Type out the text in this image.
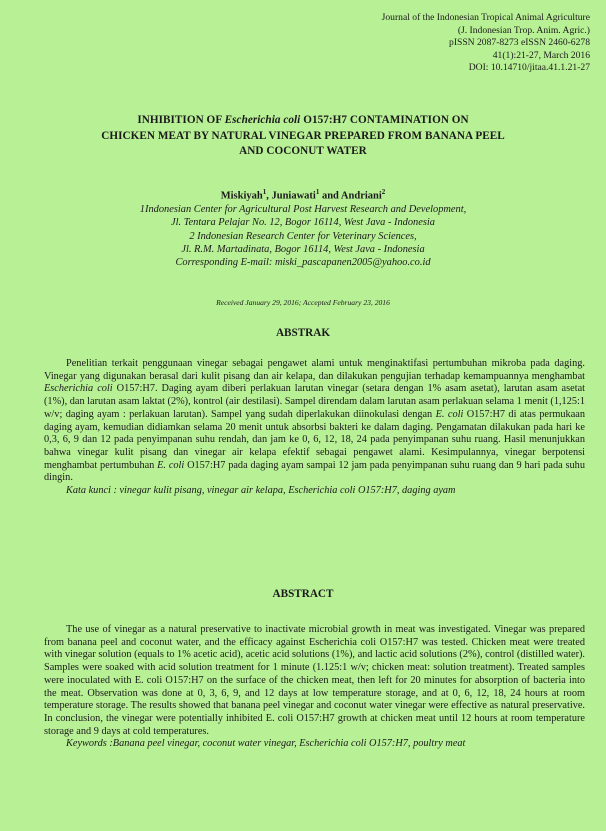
Journal of the Indonesian Tropical Animal Agriculture
(J. Indonesian Trop. Anim. Agric.)
pISSN 2087-8273 eISSN 2460-6278
41(1):21-27, March 2016
DOI: 10.14710/jitaa.41.1.21-27
INHIBITION OF Escherichia coli O157:H7 CONTAMINATION ON
CHICKEN MEAT BY NATURAL VINEGAR PREPARED FROM BANANA PEEL
AND COCONUT WATER
Miskiyah$^1$, Juniawati$^1$ and Andriani$^2$
1Indonesian Center for Agricultural Post Harvest Research and Development,
Jl. Tentara Pelajar No. 12, Bogor 16114, West Java - Indonesia
2 Indonesian Research Center for Veterinary Sciences,
Jl. R.M. Martadinata, Bogor 16114, West Java - Indonesia
Corresponding E-mail: miski_pascapanen2005@yahoo.co.id
Received January 29, 2016; Accepted February 23, 2016
ABSTRAK

Penelitian terkait penggunaan vinegar sebagai pengawet alami untuk menginaktifasi pertumbuhan mikroba pada daging. Vinegar yang digunakan berasal dari kulit pisang dan air kelapa, dan dilakukan pengujian terhadap kemampuannya menghambat Escherichia coli O157:H7. Daging ayam diberi perlakuan larutan vinegar (setara dengan 1% asam asetat), larutan asam asetat (1%), dan larutan asam laktat (2%), kontrol (air destilasi). Sampel direndam dalam larutan asam perlakuan selama 1 menit (1,125:1 w/v; daging ayam : perlakuan larutan). Sampel yang sudah diperlakukan diinokulasi dengan E. coli O157:H7 di atas permukaan daging ayam, kemudian didiamkan selama 20 menit untuk absorbsi bakteri ke dalam daging. Pengamatan dilakukan pada hari ke 0,3, 6, 9 dan 12 pada penyimpanan suhu rendah, dan jam ke 0, 6, 12, 18, 24 pada penyimpanan suhu ruang. Hasil menunjukkan bahwa vinegar kulit pisang dan vinegar air kelapa efektif sebagai pengawet alami. Kesimpulannya, vinegar berpotensi menghambat pertumbuhan E. coli O157:H7 pada daging ayam sampai 12 jam pada penyimpanan suhu ruang dan 9 hari pada suhu dingin.

Kata kunci : vinegar kulit pisang, vinegar air kelapa, Escherichia coli O157:H7, daging ayam
ABSTRACT

The use of vinegar as a natural preservative to inactivate microbial growth in meat was investigated. Vinegar was prepared from banana peel and coconut water, and the efficacy against Escherichia coli O157:H7 was tested. Chicken meat were treated with vinegar solution (equals to 1% acetic acid), acetic acid solutions (1%), and lactic acid solutions (2%), control (distilled water). Samples were soaked with acid solution treatment for 1 minute (1.125:1 w/v; chicken meat: solution treatment). Treated samples were inoculated with E. coli O157:H7 on the surface of the chicken meat, then left for 20 minutes for absorption of bacteria into the meat. Observation was done at 0, 3, 6, 9, and 12 days at low temperature storage, and at 0, 6, 12, 18, 24 hours at room temperature storage. The results showed that banana peel vinegar and coconut water vinegar were effective as natural preservative. In conclusion, the vinegar were potentially inhibited E. coli O157:H7 growth at chicken meat until 12 hours at room temperature storage and 9 days at cold temperatures.

Keywords :Banana peel vinegar, coconut water vinegar, Escherichia coli O157:H7, poultry meat
